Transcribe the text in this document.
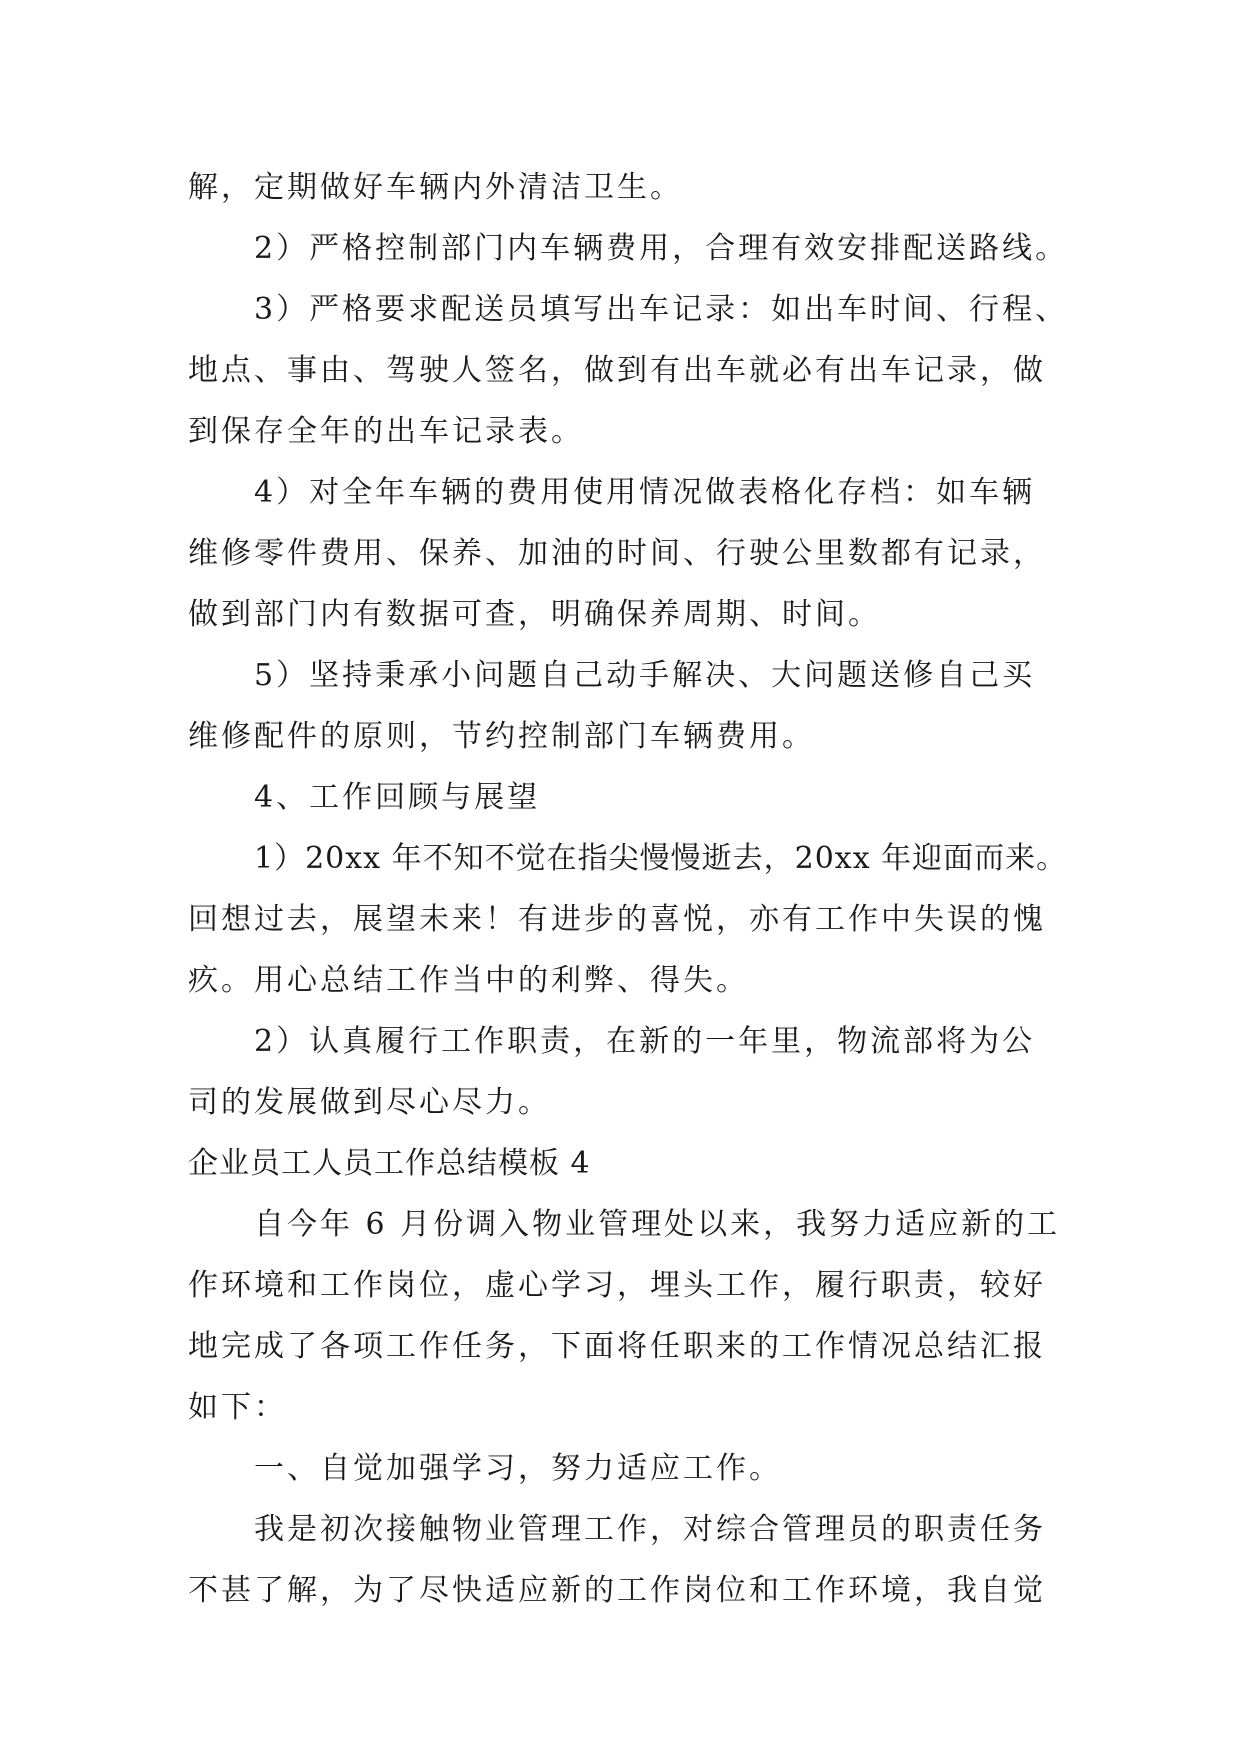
解，定期做好车辆内外清洁卫生。
2）严格控制部门内车辆费用，合理有效安排配送路线。
3）严格要求配送员填写出车记录：如出车时间、行程、
地点、事由、驾驶人签名，做到有出车就必有出车记录，做
到保存全年的出车记录表。
4）对全年车辆的费用使用情况做表格化存档：如车辆
维修零件费用、保养、加油的时间、行驶公里数都有记录，
做到部门内有数据可查，明确保养周期、时间。
5）坚持秉承小问题自己动手解决、大问题送修自己买
维修配件的原则，节约控制部门车辆费用。
4、工作回顾与展望
1）20xx 年不知不觉在指尖慢慢逝去，20xx 年迎面而来。
回想过去，展望未来！有进步的喜悦，亦有工作中失误的愧
疚。用心总结工作当中的利弊、得失。
2）认真履行工作职责，在新的一年里，物流部将为公
司的发展做到尽心尽力。
企业员工人员工作总结模板 4
自今年 6 月份调入物业管理处以来，我努力适应新的工
作环境和工作岗位，虚心学习，埋头工作，履行职责，较好
地完成了各项工作任务，下面将任职来的工作情况总结汇报
如下：
一、自觉加强学习，努力适应工作。
我是初次接触物业管理工作，对综合管理员的职责任务
不甚了解，为了尽快适应新的工作岗位和工作环境，我自觉
